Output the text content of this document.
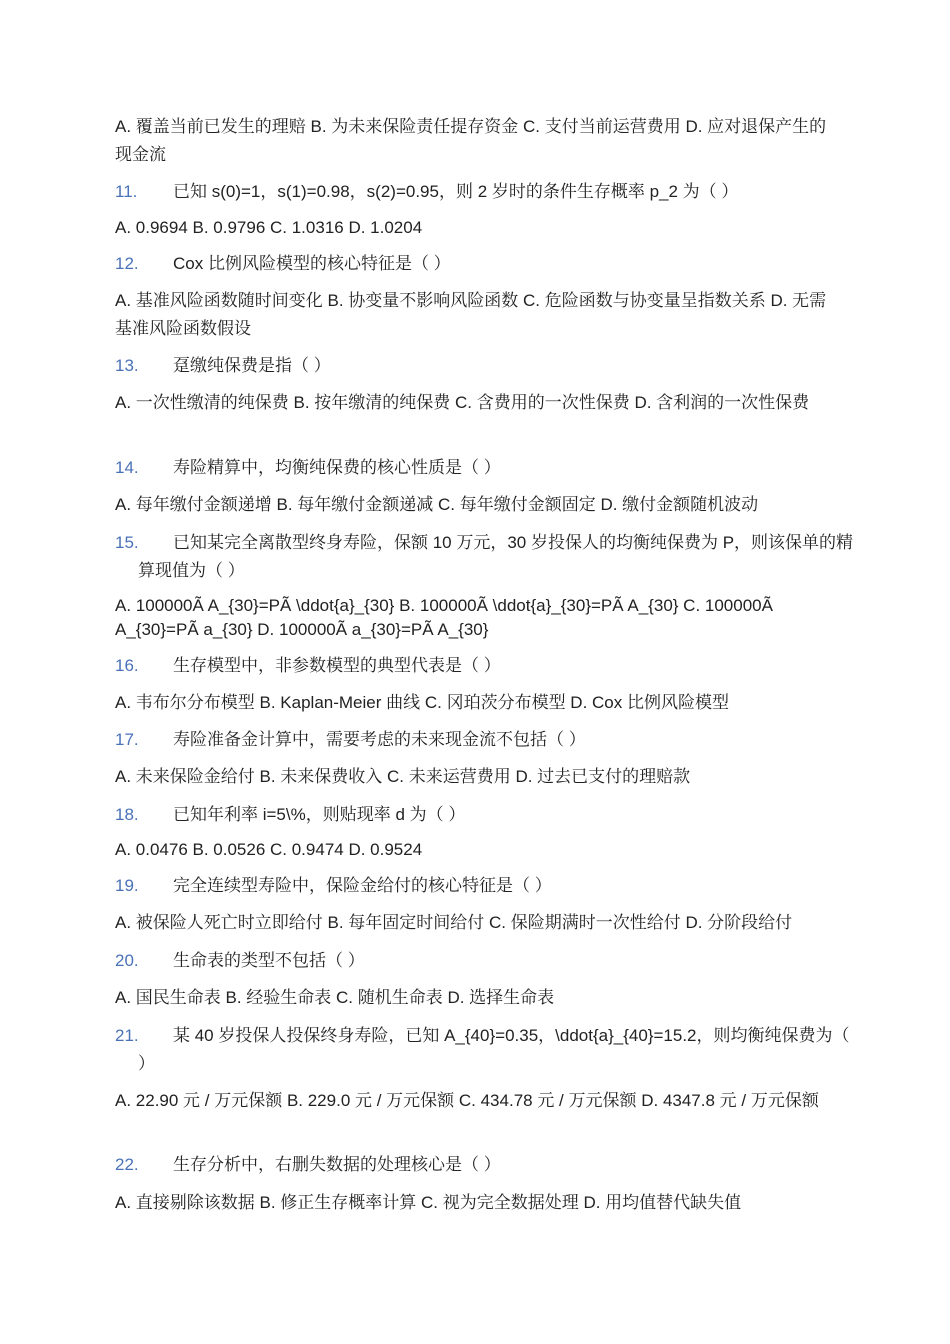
A. 覆盖当前已发生的理赔 B. 为未来保险责任提存资金 C. 支付当前运营费用 D. 应对退保产生的现金流

11.	已知 s(0)=1，s(1)=0.98，s(2)=0.95，则 2 岁时的条件生存概率 p_2 为（ ）

A. 0.9694 B. 0.9796 C. 1.0316 D. 1.0204

12.	Cox 比例风险模型的核心特征是（ ）

A. 基准风险函数随时间变化 B. 协变量不影响风险函数 C. 危险函数与协变量呈指数关系 D. 无需基准风险函数假设

13.	趸缴纯保费是指（ ）

A. 一次性缴清的纯保费 B. 按年缴清的纯保费 C. 含费用的一次性保费 D. 含利润的一次性保费

14.	寿险精算中，均衡纯保费的核心性质是（ ）

A. 每年缴付金额递增 B. 每年缴付金额递减 C. 每年缴付金额固定 D. 缴付金额随机波动

15. 已知某完全离散型终身寿险，保额 10 万元，30 岁投保人的均衡纯保费为 P，则该保单的精算现值为（ ）

A. 100000Ã A_{30}=PÃ \ddot{a}_{30} B. 100000Ã \ddot{a}_{30}=PÃ A_{30} C. 100000Ã A_{30}=PÃ a_{30} D. 100000Ã a_{30}=PÃ A_{30}

16.	生存模型中，非参数模型的典型代表是（ ）

A. 韦布尔分布模型 B. Kaplan-Meier 曲线 C. 冈珀茨分布模型 D. Cox 比例风险模型

17.	寿险准备金计算中，需要考虑的未来现金流不包括（ ）

A. 未来保险金给付 B. 未来保费收入 C. 未来运营费用 D. 过去已支付的理赔款

18.	已知年利率 i=5\%，则贴现率 d 为（ ）

A. 0.0476 B. 0.0526 C. 0.9474 D. 0.9524

19.	完全连续型寿险中，保险金给付的核心特征是（ ）

A. 被保险人死亡时立即给付 B. 每年固定时间给付 C. 保险期满时一次性给付 D. 分阶段给付

20.	生命表的类型不包括（ ）

A. 国民生命表 B. 经验生命表 C. 随机生命表 D. 选择生命表

21. 某 40 岁投保人投保终身寿险，已知 A_{40}=0.35，\ddot{a}_{40}=15.2，则均衡纯保费为（ ）

A. 22.90 元 / 万元保额 B. 229.0 元 / 万元保额 C. 434.78 元 / 万元保额 D. 4347.8 元 / 万元保额

22.	生存分析中，右删失数据的处理核心是（ ）

A. 直接剔除该数据 B. 修正生存概率计算 C. 视为完全数据处理 D. 用均值替代缺失值
